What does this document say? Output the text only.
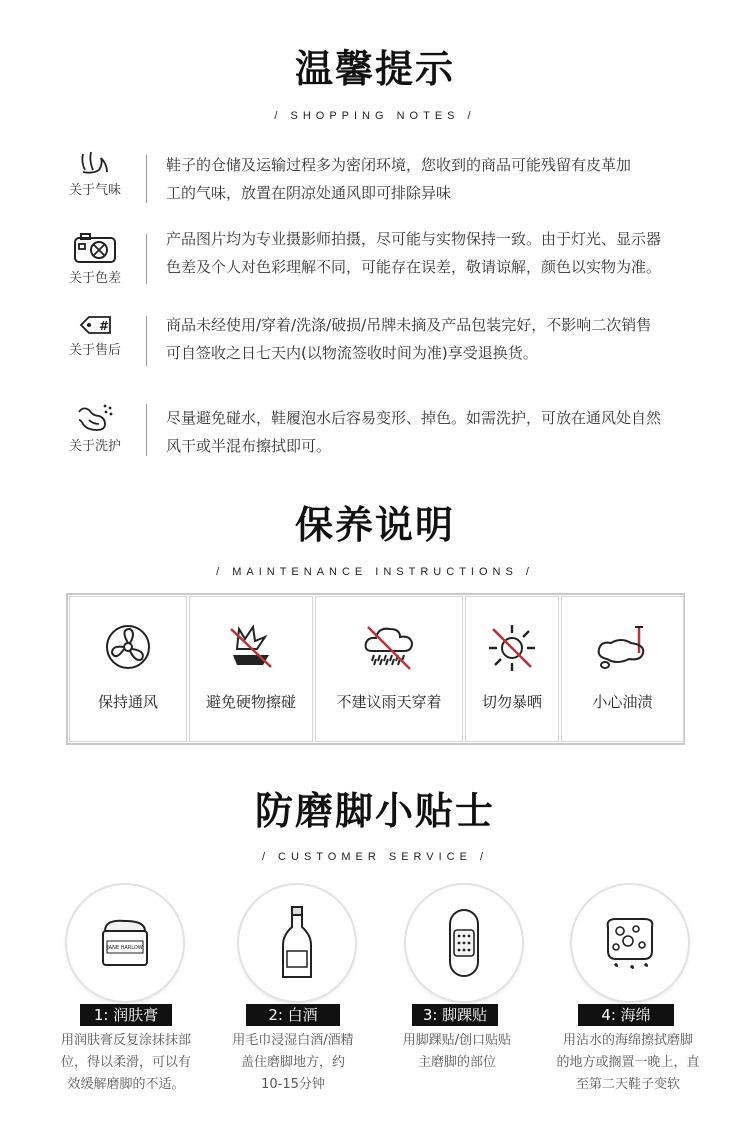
温馨提示
/ SHOPPING NOTES /
关于气味
鞋子的仓储及运输过程多为密闭环境，您收到的商品可能残留有皮革加
工的气味，放置在阴凉处通风即可排除异味
关于色差
产品图片均为专业摄影师拍摄，尽可能与实物保持一致。由于灯光、显示器
色差及个人对色彩理解不同，可能存在误差，敬请谅解，颜色以实物为准。
#
关于售后
商品未经使用/穿着/洗涤/破损/吊牌未摘及产品包装完好，不影响二次销售
可自签收之日七天内(以物流签收时间为准)享受退换货。
关于洗护
尽量避免碰水，鞋履泡水后容易变形、掉色。如需洗护，可放在通风处自然
风干或半混布擦拭即可。
保养说明
/ MAINTENANCE INSTRUCTIONS /
保持通风	避免硬物擦碰	不建议雨天穿着	切勿暴晒	小心油渍
防磨脚小贴士
/ CUSTOMER SERVICE /
JANE HARLOW
1: 润肤膏
用润肤膏反复涂抹抹部
位，得以柔滑，可以有
效缓解磨脚的不适。
2: 白酒
用毛巾浸湿白酒/酒精
盖住磨脚地方，约
10-15分钟
3: 脚踝贴
用脚踝贴/创口贴贴
主磨脚的部位
4: 海绵
用沾水的海绵擦拭磨脚
的地方或搁置一晚上，直
至第二天鞋子变软
